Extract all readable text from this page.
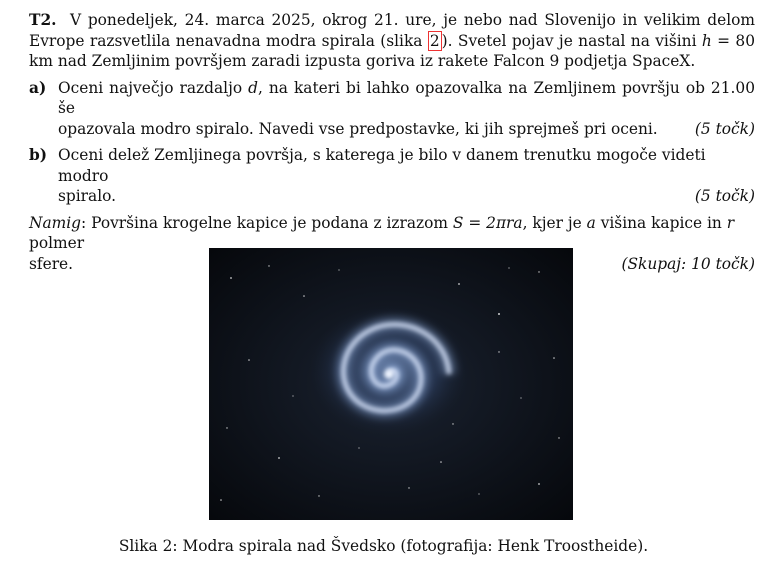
T2. V ponedeljek, 24. marca 2025, okrog 21. ure, je nebo nad Slovenijo in velikim delom Evrope razsvetlila nenavadna modra spirala (slika 2 ). Svetel pojav je nastal na višini h = 80 km nad Zemljinim površjem zaradi izpusta goriva iz rakete Falcon 9 podjetja SpaceX.

a) Oceni največjo razdaljo d, na kateri bi lahko opazovalka na Zemljinem površju ob 21.00 še

opazovala modro spiralo. Navedi vse predpostavke, ki jih sprejmeš pri oceni. (5 točk)
b) Oceni delež Zemljinega površja, s katerega je bilo v danem trenutku mogoče videti modro

spiralo.	(5 točk)

Namig: Površina krogelne kapice je podana z izrazom S = 2πra, kjer je a višina kapice in r polmer

sfere.	(Skupaj: 10 točk)
Slika 2: Modra spirala nad Švedsko (fotografija: Henk Troostheide).
